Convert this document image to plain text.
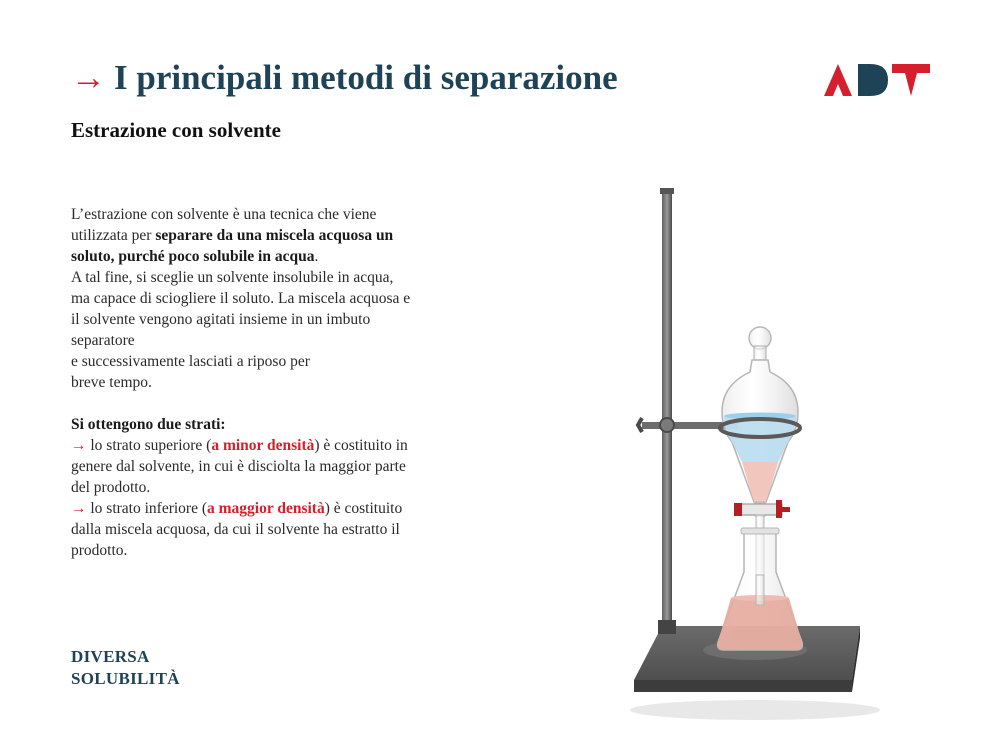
→ I principali metodi di separazione
Estrazione con solvente

L’estrazione con solvente è una tecnica che viene utilizzata per separare da una miscela acquosa un soluto, purché poco solubile in acqua.

A tal fine, si sceglie un solvente insolubile in acqua, ma capace di sciogliere il soluto. La miscela acquosa e il solvente vengono agitati insieme in un imbuto separatore

e successivamente lasciati a riposo per

breve tempo.

Si ottengono due strati:

→ lo strato superiore (a minor densità) è costituito in genere dal solvente, in cui è disciolta la maggior parte del prodotto.

→ lo strato inferiore (a maggior densità) è costituito dalla miscela acquosa, da cui il solvente ha estratto il prodotto.

DIVERSA
SOLUBILITÀ
